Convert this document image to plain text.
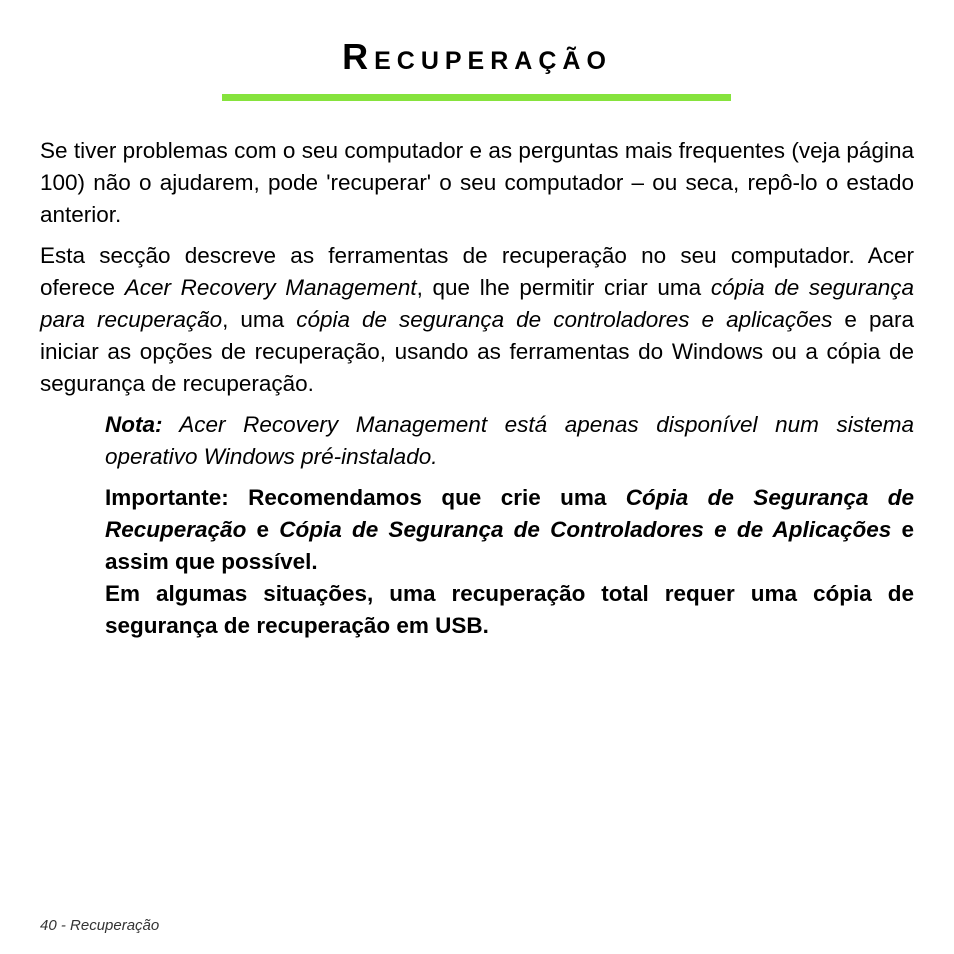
Recuperação

Se tiver problemas com o seu computador e as perguntas mais frequentes (veja página 100) não o ajudarem, pode 'recuperar' o seu computador – ou seca, repô-lo o estado anterior.

Esta secção descreve as ferramentas de recuperação no seu computador. Acer oferece Acer Recovery Management, que lhe permitir criar uma cópia de segurança para recuperação, uma cópia de segurança de controladores e aplicações e para iniciar as opções de recuperação, usando as ferramentas do Windows ou a cópia de segurança de recuperação.

Nota: Acer Recovery Management está apenas disponível num sistema operativo Windows pré-instalado.

Importante: Recomendamos que crie uma Cópia de Segurança de Recuperação e Cópia de Segurança de Controladores e de Aplicações e assim que possível.

Em algumas situações, uma recuperação total requer uma cópia de segurança de recuperação em USB.

40 - Recuperação
